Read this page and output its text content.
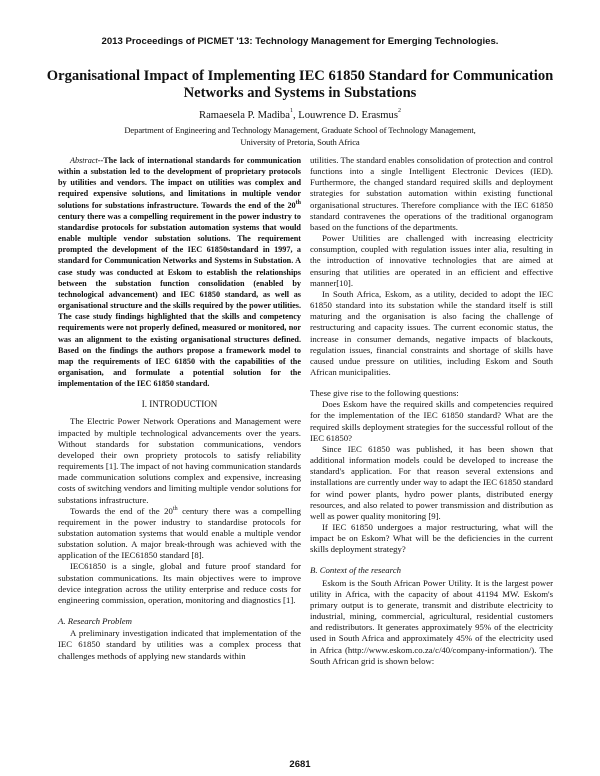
2013 Proceedings of PICMET '13: Technology Management for Emerging Technologies.
Organisational Impact of Implementing IEC 61850 Standard for Communication Networks and Systems in Substations
Ramaesela P. Madiba$^1$, Louwrence D. Erasmus$^2$
Department of Engineering and Technology Management, Graduate School of Technology Management,
University of Pretoria, South Africa

Abstract--The lack of international standards for communication within a substation led to the development of proprietary protocols by utilities and vendors. The impact on utilities was complex and required expensive solutions, and limitations in multiple vendor solutions for substations infrastructure. Towards the end of the 20th century there was a compelling requirement in the power industry to standardise protocols for substation automation systems that would enable multiple vendor substation solutions. The requirement prompted the development of the IEC 61850standard in 1997, a standard for Communication Networks and Systems in Substation. A case study was conducted at Eskom to establish the relationships between the substation function consolidation (enabled by technological advancement) and IEC 61850 standard, as well as organisational structure and the skills required by the power utilities. The case study findings highlighted that the skills and competency requirements were not properly defined, measured or monitored, nor was an alignment to the existing organisational structures defined. Based on the findings the authors propose a framework model to map the requirements of IEC 61850 with the capabilities of the organisation, and formulate a potential solution for the implementation of the IEC 61850 standard.

I. INTRODUCTION

The Electric Power Network Operations and Management were impacted by multiple technological advancements over the years. Without standards for substation communications, vendors developed their own propriety protocols to satisfy reliability requirements [1]. The impact of not having communication standards made communication solutions complex and expensive, increasing costs of switching vendors and limiting multiple vendor solutions for substations infrastructure.

Towards the end of the 20th century there was a compelling requirement in the power industry to standardise protocols for substation automation systems that would enable a multiple vendor substation solution. A major break-through was achieved with the application of the IEC61850 standard [8].

IEC61850 is a single, global and future proof standard for substation communications. Its main objectives were to improve device integration across the utility enterprise and reduce costs for engineering commission, operation, monitoring and diagnostics [1].

A. Research Problem

A preliminary investigation indicated that implementation of the IEC 61850 standard by utilities was a complex process that challenges methods of applying new standards within

utilities. The standard enables consolidation of protection and control functions into a single Intelligent Electronic Devices (IED). Furthermore, the changed standard required skills and deployment strategies for substation automation within existing functional organisational structures. Therefore compliance with the IEC 61850 standard contravenes the operations of the traditional organogram based on the functions of the departments.

Power Utilities are challenged with increasing electricity consumption, coupled with regulation issues inter alia, resulting in the introduction of innovative technologies that are aimed at ensuring that utilities are operated in an efficient and effective manner[10].

In South Africa, Eskom, as a utility, decided to adopt the IEC 61850 standard into its substation while the standard itself is still maturing and the organisation is also facing the challenge of restructuring and capacity issues. The current economic status, the increase in consumer demands, negative impacts of blackouts, regulation issues, financial constraints and shortage of skills have caused undue pressure on utilities, including Eskom and South African municipalities.

These give rise to the following questions:

Does Eskom have the required skills and competencies required for the implementation of the IEC 61850 standard? What are the required skills deployment strategies for the successful rollout of the IEC 61850?

Since IEC 61850 was published, it has been shown that additional information models could be developed to increase the standard's application. For that reason several extensions and installations are currently under way to adapt the IEC 61850 standard for wind power plants, hydro power plants, distributed energy resources, and also related to power transmission and distribution as well as power quality monitoring [9].

If IEC 61850 undergoes a major restructuring, what will the impact be on Eskom? What will be the deficiencies in the current skills deployment strategy?

B. Context of the research

Eskom is the South African Power Utility. It is the largest power utility in Africa, with the capacity of about 41194 MW. Eskom's primary output is to generate, transmit and distribute electricity to industrial, mining, commercial, agricultural, residential customers and redistributors. It generates approximately 95% of the electricity used in South Africa and approximately 45% of the electricity used in Africa (http://www.eskom.co.za/c/40/company-information/). The South African grid is shown below:

2681
